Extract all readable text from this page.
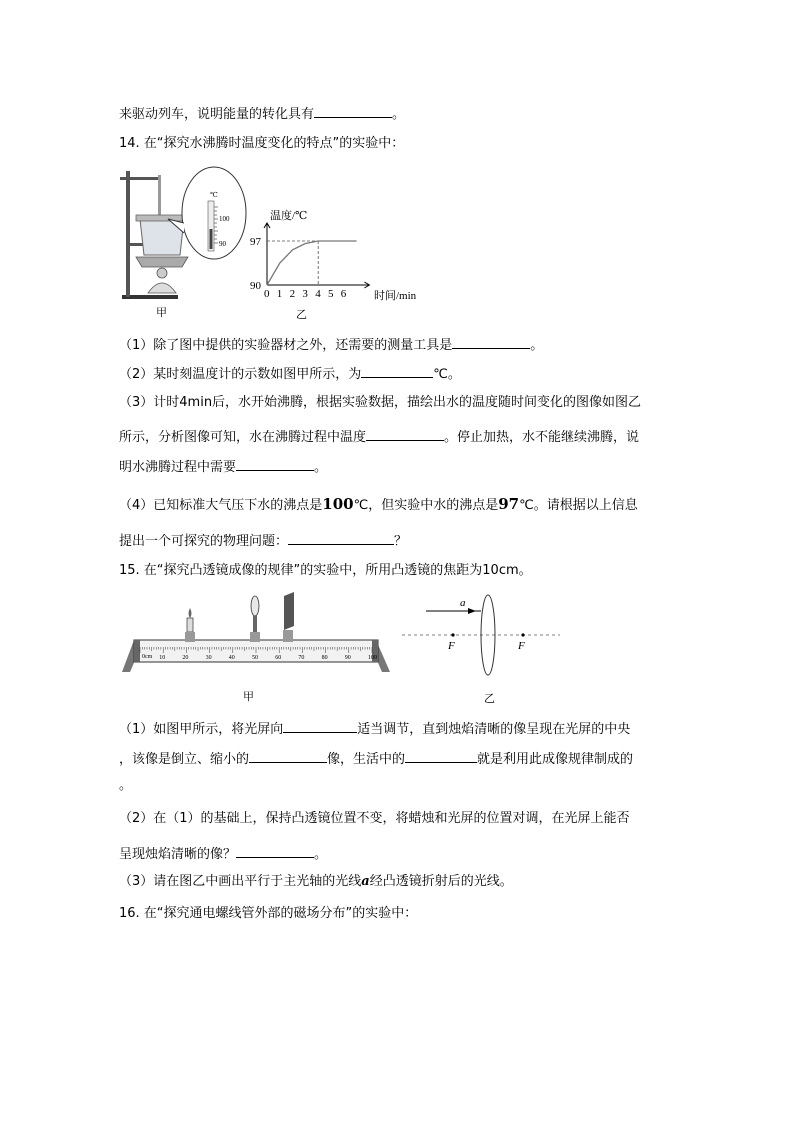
来驱动列车，说明能量的转化具有	。
14. 在“探究水沸腾时温度变化的特点”的实验中：
℃
100
90
甲
温度/℃
时间/min
97
90
0 1 2 3 4 5 6
乙
（1）除了图中提供的实验器材之外，还需要的测量工具是	。
（2）某时刻温度计的示数如图甲所示，为	℃。
（3）计时4min后，水开始沸腾，根据实验数据，描绘出水的温度随时间变化的图像如图乙
所示，分析图像可知，水在沸腾过程中温度	。停止加热，水不能继续沸腾，说
明水沸腾过程中需要	。
（4）已知标准大气压下水的沸点是100℃，但实验中水的沸点是97℃。请根据以上信息
提出一个可探究的物理问题：	？
15. 在“探究凸透镜成像的规律”的实验中，所用凸透镜的焦距为10cm。
10	20	30	40	50	60	70	80	90	100
0cm
甲
a
F	F
乙
（1）如图甲所示，将光屏向	适当调节，直到烛焰清晰的像呈现在光屏的中央
，该像是倒立、缩小的	像，生活中的	就是利用此成像规律制成的
。
（2）在（1）的基础上，保持凸透镜位置不变，将蜡烛和光屏的位置对调，在光屏上能否
呈现烛焰清晰的像？	。
（3）请在图乙中画出平行于主光轴的光线a经凸透镜折射后的光线。
16. 在“探究通电螺线管外部的磁场分布”的实验中：
